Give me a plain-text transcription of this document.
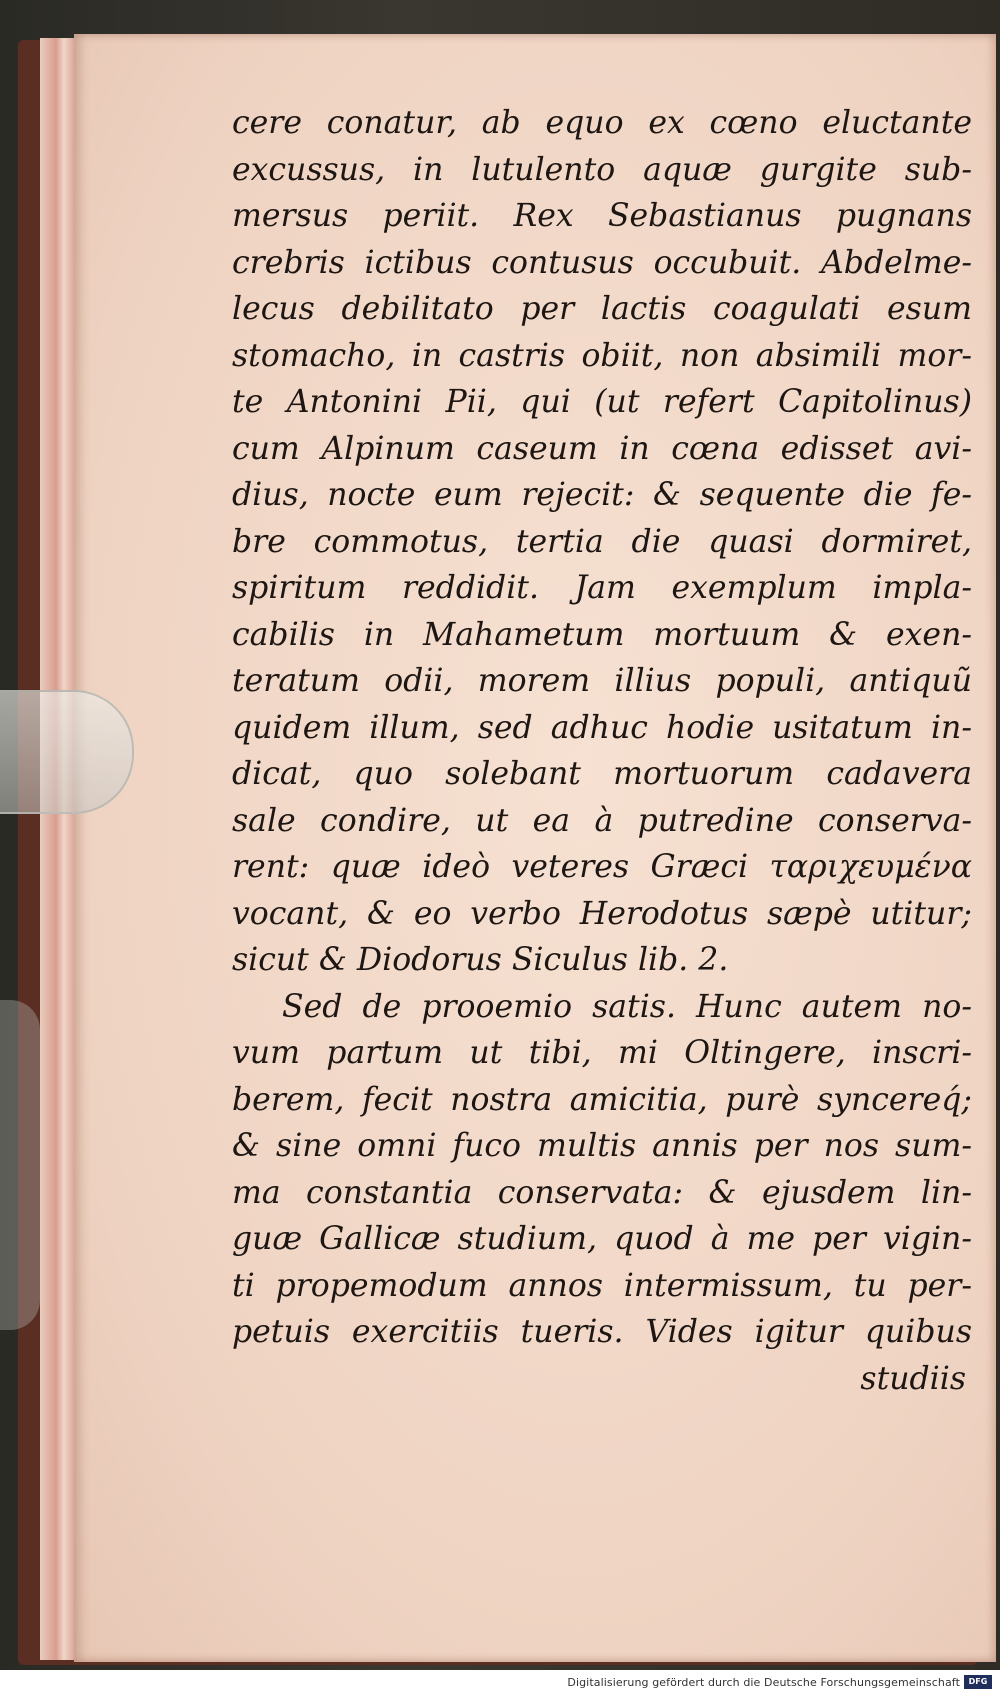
cere conatur, ab equo ex cœno eluctante
excussus, in lutulento aquæ gurgite sub-
mersus periit. Rex Sebastianus pugnans
crebris ictibus contusus occubuit. Abdelme-
lecus debilitato per lactis coagulati esum
stomacho, in castris obiit, non absimili mor-
te Antonini Pii, qui (ut refert Capitolinus)
cum Alpinum caseum in cœna edisset avi-
dius, nocte eum rejecit: & sequente die fe-
bre commotus, tertia die quasi dormiret,
spiritum reddidit. Jam exemplum impla-
cabilis in Mahametum mortuum & exen-
teratum odii, morem illius populi, antiquũ
quidem illum, sed adhuc hodie usitatum in-
dicat, quo solebant mortuorum cadavera
sale condire, ut ea à putredine conserva-
rent: quæ ideò veteres Græci ταριχευμένα
vocant, & eo verbo Herodotus sæpè utitur;
sicut & Diodorus Siculus lib. 2.
Sed de prooemio satis. Hunc autem no-
vum partum ut tibi, mi Oltingere, inscri-
berem, fecit nostra amicitia, purè syncereq́;
& sine omni fuco multis annis per nos sum-
ma constantia conservata: & ejusdem lin-
guæ Gallicæ studium, quod à me per vigin-
ti propemodum annos intermissum, tu per-
petuis exercitiis tueris. Vides igitur quibus
studiis
Digitalisierung gefördert durch die Deutsche Forschungsgemeinschaft	DFG
